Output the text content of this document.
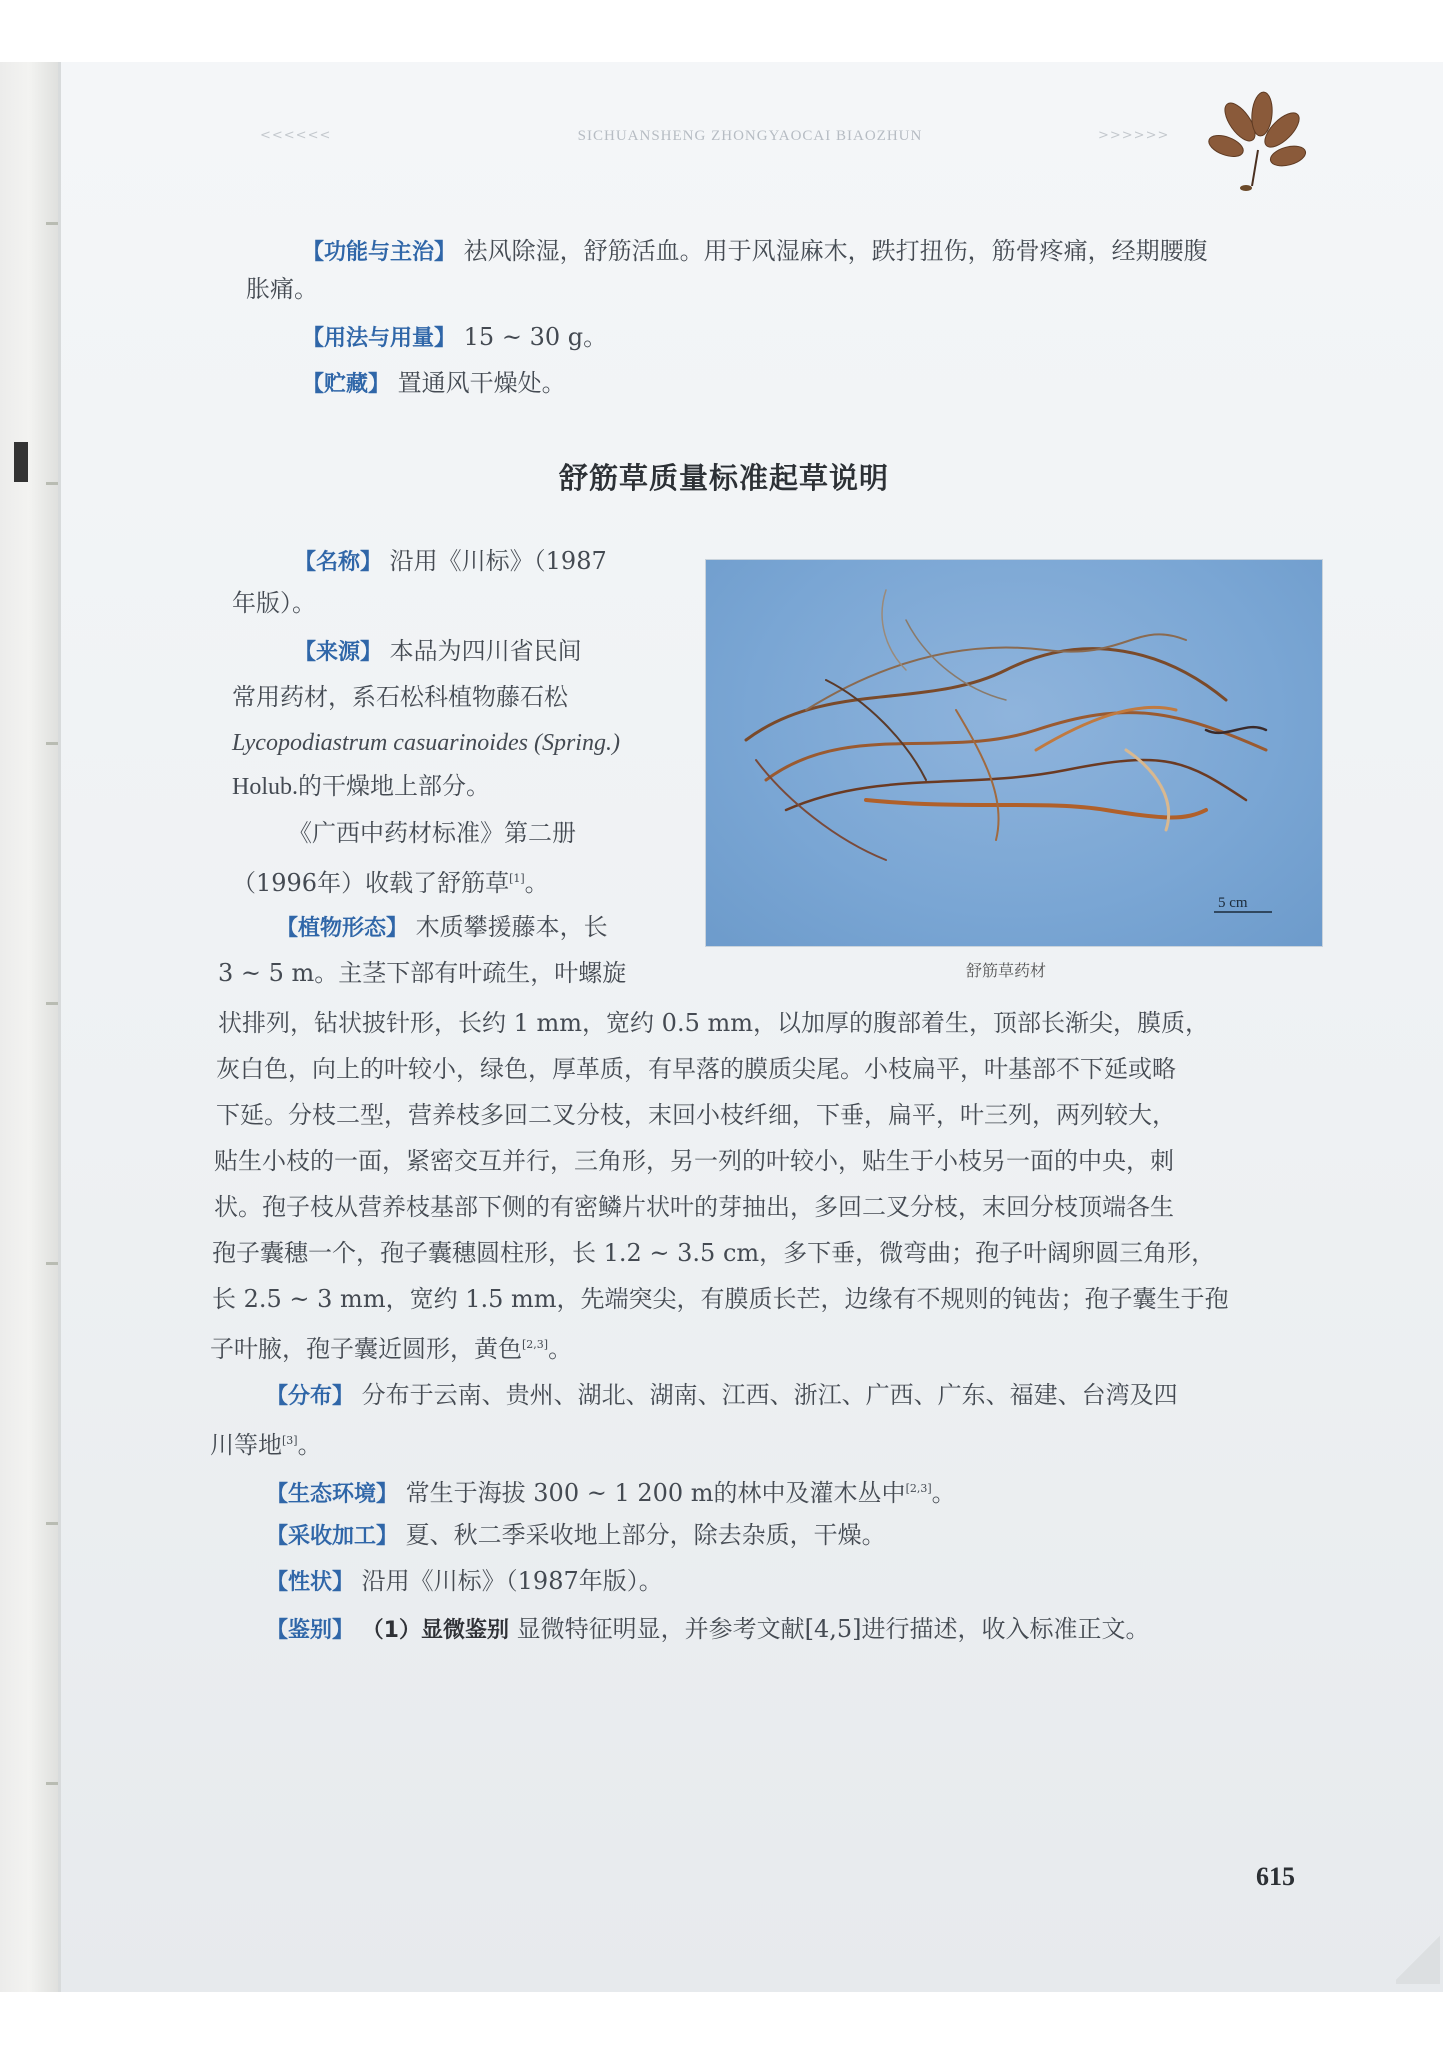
<<<<<<	SICHUANSHENG ZHONGYAOCAI BIAOZHUN	>>>>>>

【功能与主治】 祛风除湿，舒筋活血。用于风湿麻木，跌打扭伤，筋骨疼痛，经期腰腹

胀痛。

【用法与用量】 15 ~ 30 g。

【贮藏】 置通风干燥处。

舒筋草质量标准起草说明
5 cm
舒筋草药材

【名称】 沿用《川标》（1987

年版）。

【来源】 本品为四川省民间

常用药材，系石松科植物藤石松

Lycopodiastrum casuarinoides (Spring.)

Holub.的干燥地上部分。

《广西中药材标准》第二册

（1996年）收载了舒筋草[1]。

【植物形态】 木质攀援藤本，长

3 ~ 5 m。主茎下部有叶疏生，叶螺旋

状排列，钻状披针形，长约 1 mm，宽约 0.5 mm，以加厚的腹部着生，顶部长渐尖，膜质，

灰白色，向上的叶较小，绿色，厚革质，有早落的膜质尖尾。小枝扁平，叶基部不下延或略

下延。分枝二型，营养枝多回二叉分枝，末回小枝纤细，下垂，扁平，叶三列，两列较大，

贴生小枝的一面，紧密交互并行，三角形，另一列的叶较小，贴生于小枝另一面的中央，刺

状。孢子枝从营养枝基部下侧的有密鳞片状叶的芽抽出，多回二叉分枝，末回分枝顶端各生

孢子囊穗一个，孢子囊穗圆柱形，长 1.2 ~ 3.5 cm，多下垂，微弯曲；孢子叶阔卵圆三角形，

长 2.5 ~ 3 mm，宽约 1.5 mm，先端突尖，有膜质长芒，边缘有不规则的钝齿；孢子囊生于孢

子叶腋，孢子囊近圆形，黄色[2,3]。

【分布】 分布于云南、贵州、湖北、湖南、江西、浙江、广西、广东、福建、台湾及四

川等地[3]。

【生态环境】 常生于海拔 300 ~ 1 200 m的林中及灌木丛中[2,3]。

【采收加工】 夏、秋二季采收地上部分，除去杂质，干燥。

【性状】 沿用《川标》（1987年版）。

【鉴别】 （1）显微鉴别 显微特征明显，并参考文献[4,5]进行描述，收入标准正文。

615
